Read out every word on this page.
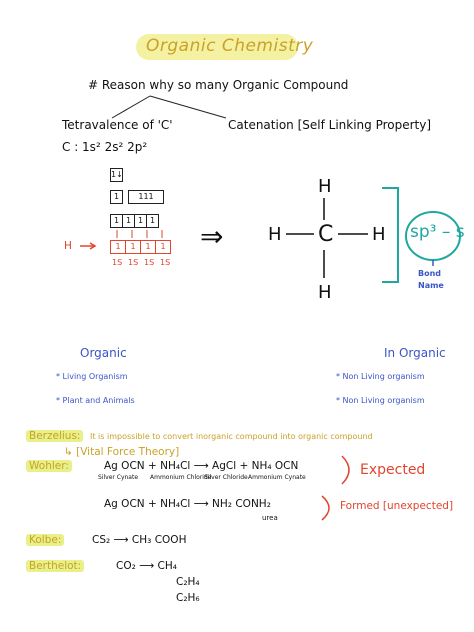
Organic Chemistry
# Reason why so many Organic Compound
Tetravalence of 'C'	Catenation [Self Linking Property]
C : 1s² 2s² 2p²
1↓
1	111
1 1 1 1
H	1	1	1	1
1S 1S 1S 1S
⇒
H
H C H
H
sp³ – s
Bond Name
Organic	In Organic
* Living Organism
* Plant and Animals
* Non Living organism
* Non Living organism
Berzelius:	It is impossible to convert inorganic compound into organic compound
↳ [Vital Force Theory]
Wohler:	Ag OCN + NH₄Cl ⟶ AgCl + NH₄ OCN
Silver Cynate Ammonium Chloride
Silver Chloride Ammonium Cynate	Expected
Ag OCN + NH₄Cl ⟶ NH₂ CONH₂
urea
Formed [unexpected]
Kolbe:	CS₂ ⟶ CH₃ COOH
Berthelot:	CO₂ ⟶ CH₄
C₂H₄
C₂H₆
